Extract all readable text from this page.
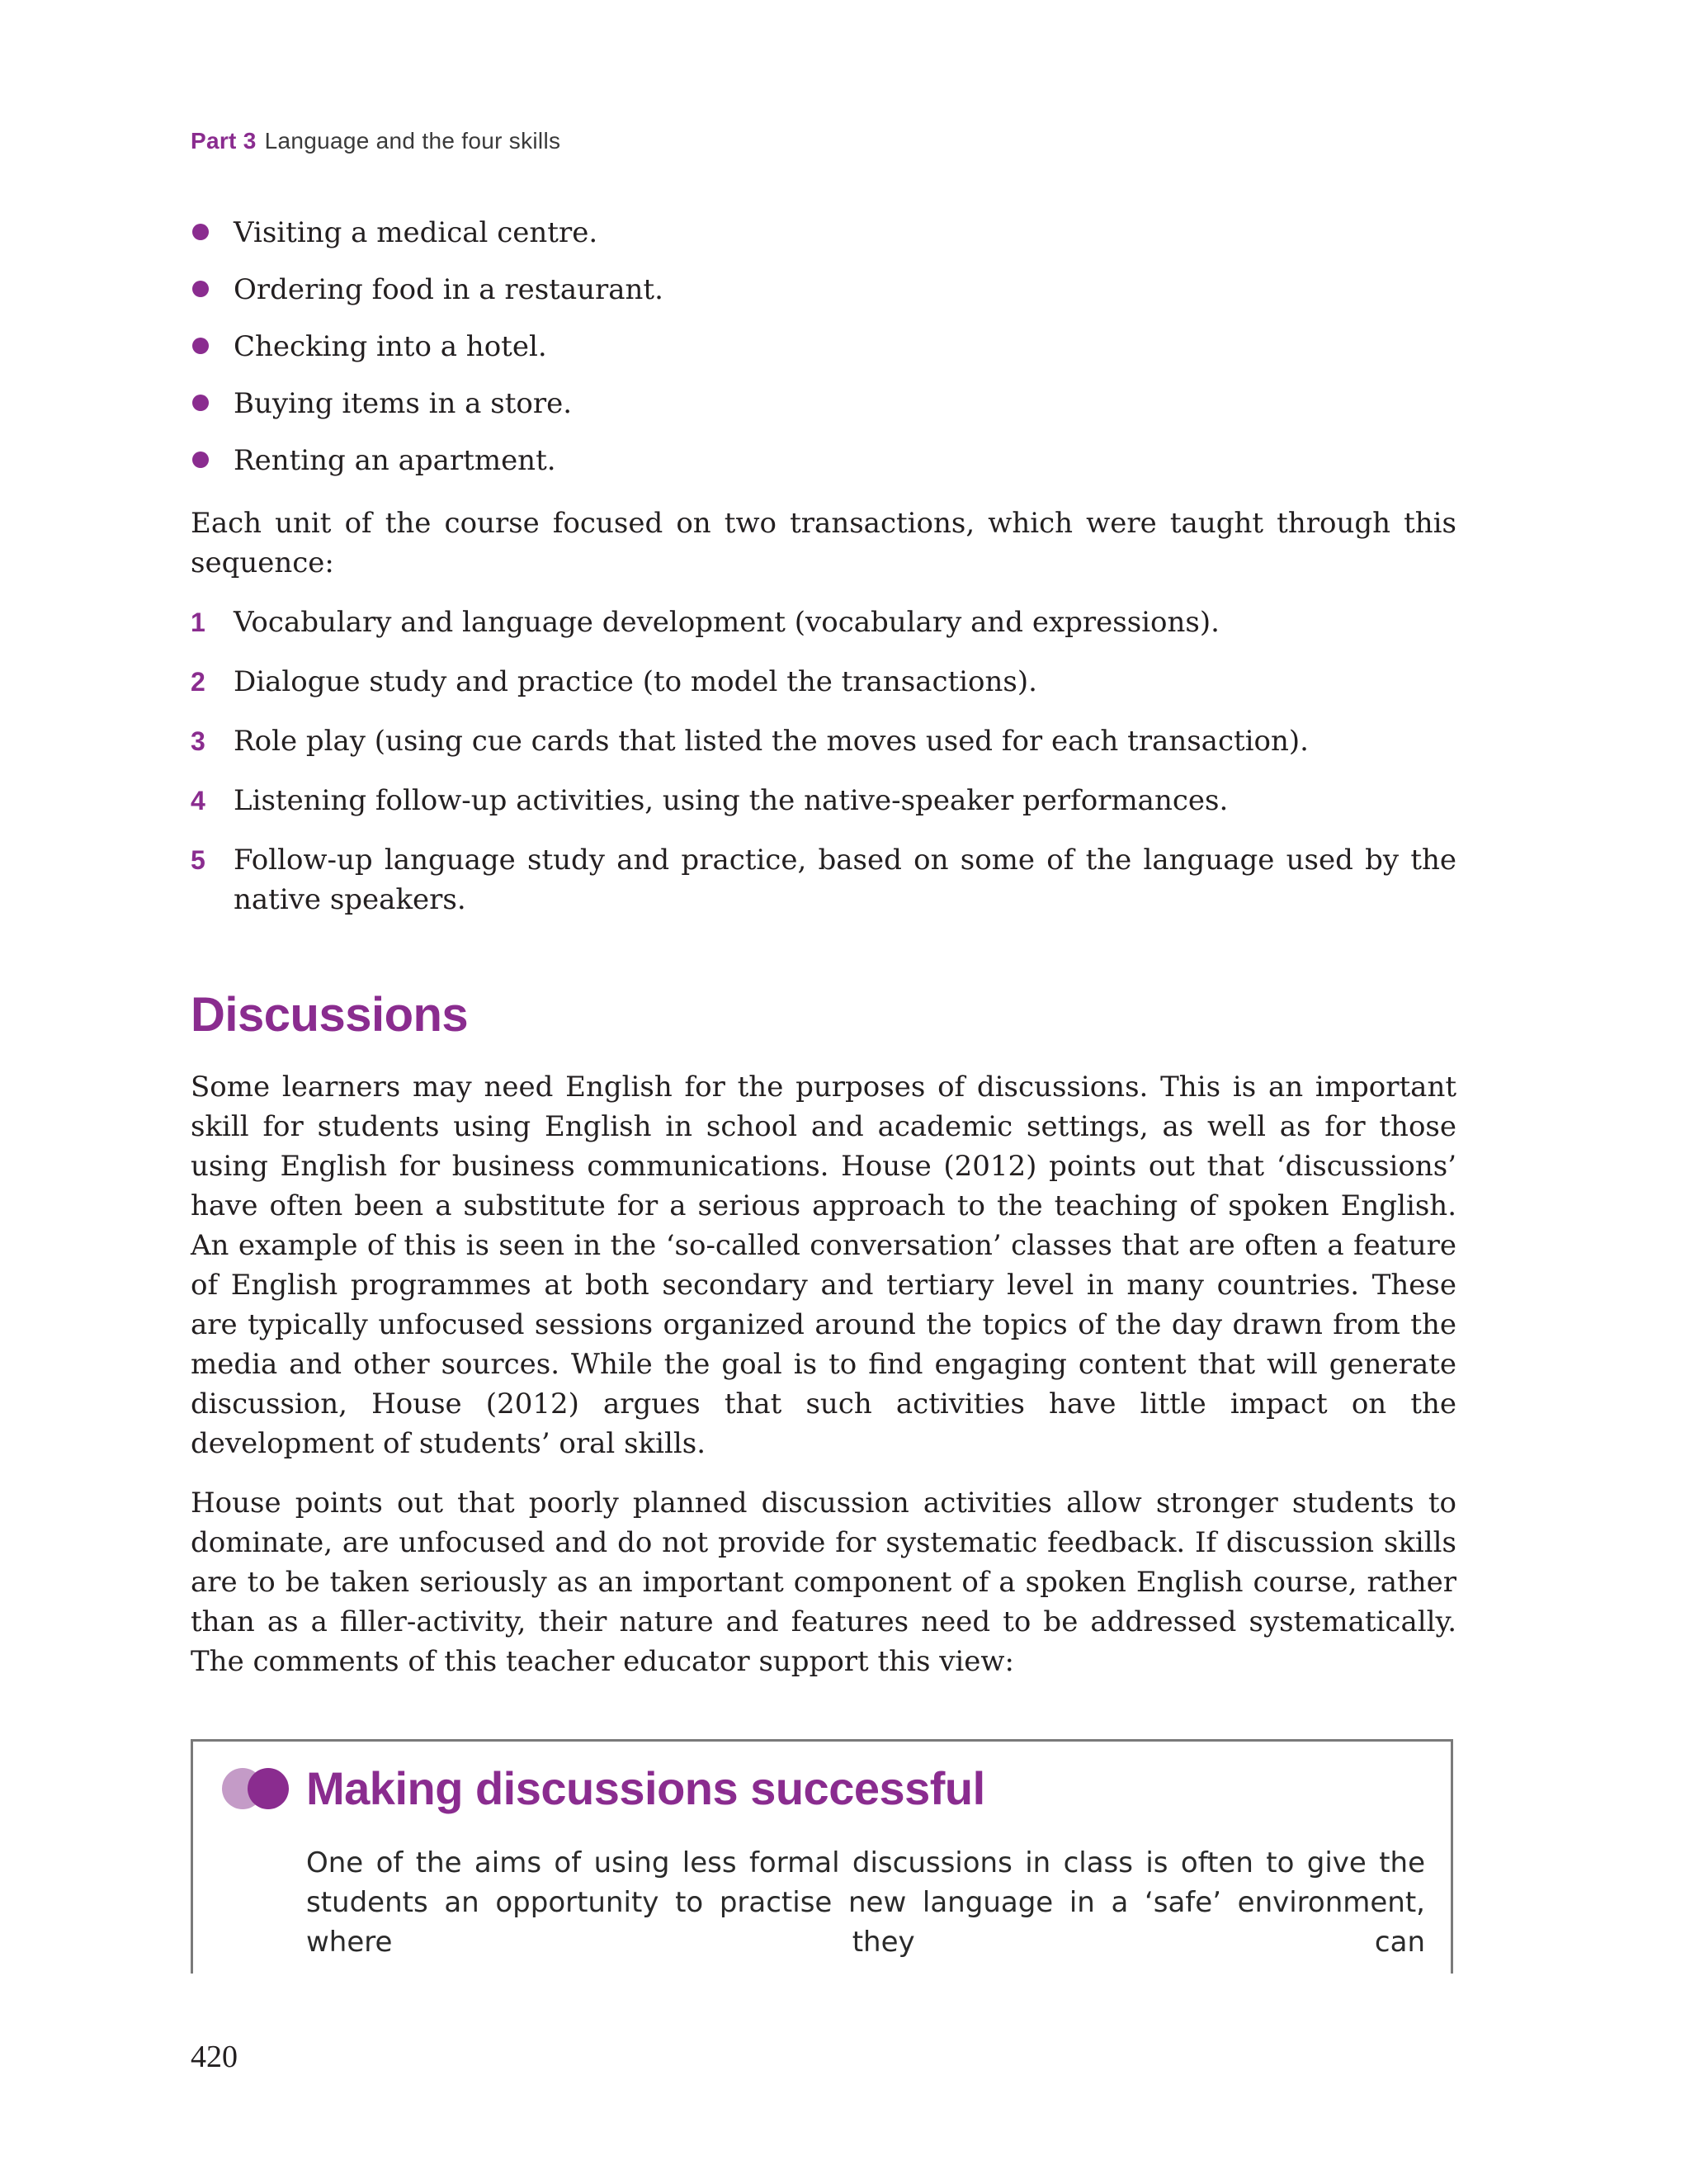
Part 3 Language and the four skills
Visiting a medical centre.
Ordering food in a restaurant.
Checking into a hotel.
Buying items in a store.
Renting an apartment.

Each unit of the course focused on two transactions, which were taught through this sequence:

1 Vocabulary and language development (vocabulary and expressions).
2 Dialogue study and practice (to model the transactions).
3 Role play (using cue cards that listed the moves used for each transaction).
4 Listening follow-up activities, using the native-speaker performances.
5 Follow-up language study and practice, based on some of the language used by the native speakers.
Discussions

Some learners may need English for the purposes of discussions. This is an important skill for students using English in school and academic settings, as well as for those using English for business communications. House (2012) points out that ‘discussions’ have often been a substitute for a serious approach to the teaching of spoken English. An example of this is seen in the ‘so-called conversation’ classes that are often a feature of English programmes at both secondary and tertiary level in many countries. These are typically unfocused sessions organized around the topics of the day drawn from the media and other sources. While the goal is to find engaging content that will generate discussion, House (2012) argues that such activities have little impact on the development of students’ oral skills.

House points out that poorly planned discussion activities allow stronger students to dominate, are unfocused and do not provide for systematic feedback. If discussion skills are to be taken seriously as an important component of a spoken English course, rather than as a filler-activity, their nature and features need to be addressed systematically. The comments of this teacher educator support this view:

Making discussions successful

One of the aims of using less formal discussions in class is often to give the students an opportunity to practise new language in a ‘safe’ environment, where they can

420
